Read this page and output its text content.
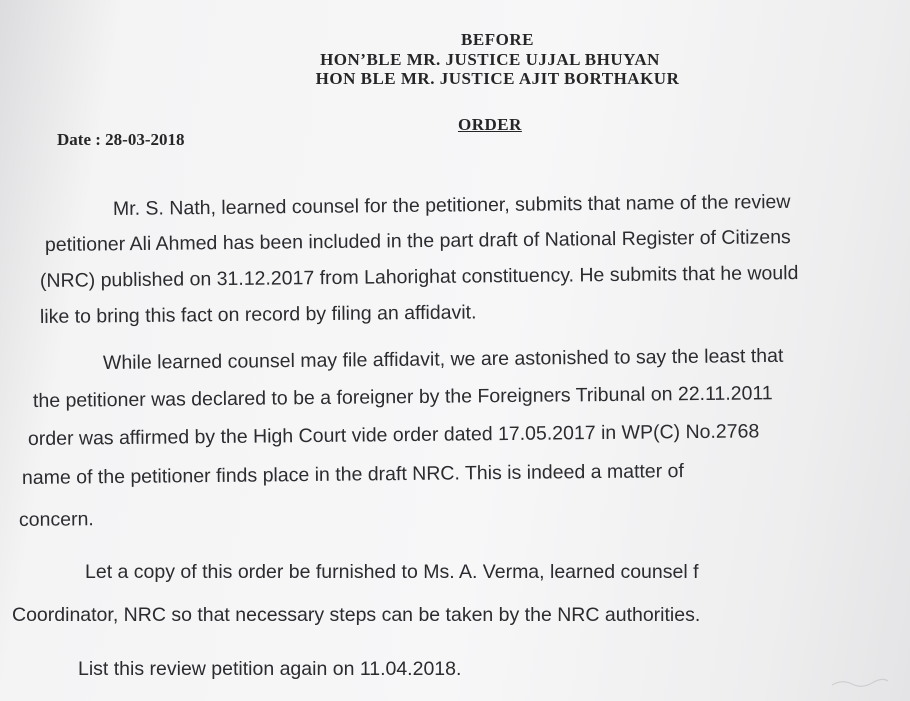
BEFORE
HON’BLE MR. JUSTICE UJJAL BHUYAN
HON BLE MR. JUSTICE AJIT BORTHAKUR
ORDER
Date : 28-03-2018
Mr. S. Nath, learned counsel for the petitioner, submits that name of the review
petitioner Ali Ahmed has been included in the part draft of National Register of Citizens
(NRC) published on 31.12.2017 from Lahorighat constituency. He submits that he would
like to bring this fact on record by filing an affidavit.
While learned counsel may file affidavit, we are astonished to say the least that
the petitioner was declared to be a foreigner by the Foreigners Tribunal on 22.11.2011
order was affirmed by the High Court vide order dated 17.05.2017 in WP(C) No.2768
name of the petitioner finds place in the draft NRC. This is indeed a matter of
concern.
Let a copy of this order be furnished to Ms. A. Verma, learned counsel f
Coordinator, NRC so that necessary steps can be taken by the NRC authorities.
List this review petition again on 11.04.2018.
